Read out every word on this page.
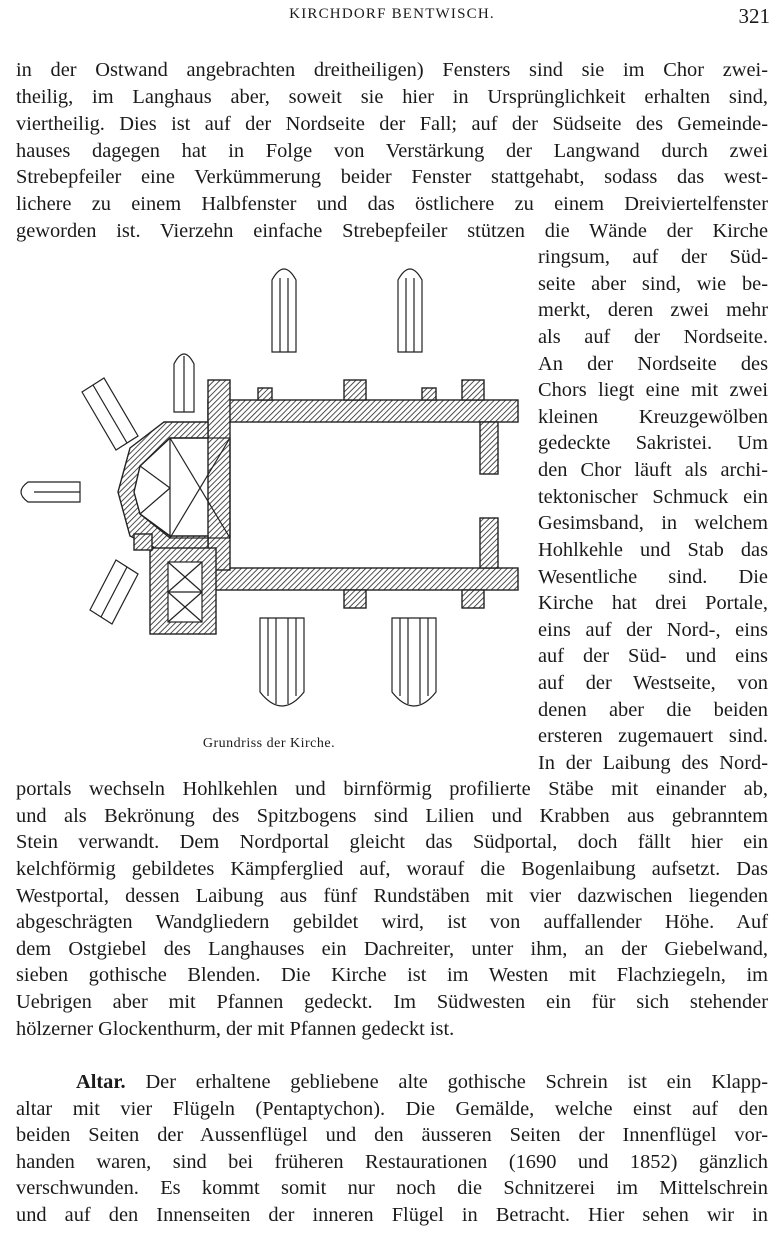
KIRCHDORF BENTWISCH.	321
in der Ostwand angebrachten dreitheiligen) Fensters sind sie im Chor zwei-
theilig, im Langhaus aber, soweit sie hier in Ursprünglichkeit erhalten sind,
viertheilig. Dies ist auf der Nordseite der Fall; auf der Südseite des Gemeinde-
hauses dagegen hat in Folge von Verstärkung der Langwand durch zwei
Strebepfeiler eine Verkümmerung beider Fenster stattgehabt, sodass das west-
lichere zu einem Halbfenster und das östlichere zu einem Dreiviertelfenster
geworden ist. Vierzehn einfache Strebepfeiler stützen die Wände der Kirche
ringsum, auf der Süd-
seite aber sind, wie be-
merkt, deren zwei mehr
als auf der Nordseite.
An der Nordseite des
Chors liegt eine mit zwei
kleinen Kreuzgewölben
gedeckte Sakristei. Um
den Chor läuft als archi-
tektonischer Schmuck ein
Gesimsband, in welchem
Hohlkehle und Stab das
Wesentliche sind. Die
Kirche hat drei Portale,
eins auf der Nord-, eins
auf der Süd- und eins
auf der Westseite, von
denen aber die beiden
ersteren zugemauert sind.
In der Laibung des Nord-
Grundriss der Kirche.
portals wechseln Hohlkehlen und birnförmig profilierte Stäbe mit einander ab,
und als Bekrönung des Spitzbogens sind Lilien und Krabben aus gebranntem
Stein verwandt. Dem Nordportal gleicht das Südportal, doch fällt hier ein
kelchförmig gebildetes Kämpferglied auf, worauf die Bogenlaibung aufsetzt. Das
Westportal, dessen Laibung aus fünf Rundstäben mit vier dazwischen liegenden
abgeschrägten Wandgliedern gebildet wird, ist von auffallender Höhe. Auf
dem Ostgiebel des Langhauses ein Dachreiter, unter ihm, an der Giebelwand,
sieben gothische Blenden. Die Kirche ist im Westen mit Flachziegeln, im
Uebrigen aber mit Pfannen gedeckt. Im Südwesten ein für sich stehender
hölzerner Glockenthurm, der mit Pfannen gedeckt ist.
Altar. Der erhaltene gebliebene alte gothische Schrein ist ein Klapp-
altar mit vier Flügeln (Pentaptychon). Die Gemälde, welche einst auf den
beiden Seiten der Aussenflügel und den äusseren Seiten der Innenflügel vor-
handen waren, sind bei früheren Restaurationen (1690 und 1852) gänzlich
verschwunden. Es kommt somit nur noch die Schnitzerei im Mittelschrein
und auf den Innenseiten der inneren Flügel in Betracht. Hier sehen wir in
